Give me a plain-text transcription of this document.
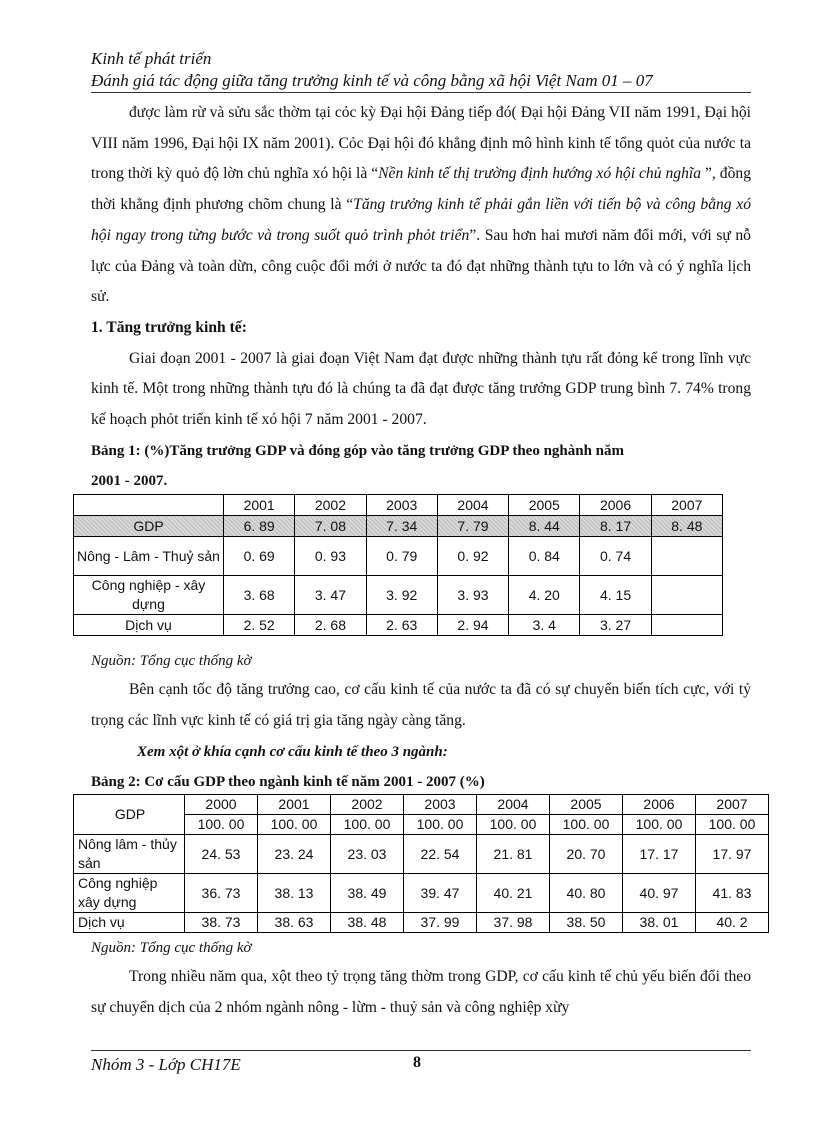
Kinh tế phát triển
Đánh giá tác động giữa tăng trưởng kinh tế và công bằng xã hội Việt Nam 01 – 07

được làm rừ và sửu sắc thờm tại cỏc kỳ Đại hội Đảng tiếp đó( Đại hội Đảng VII năm 1991, Đại hội VIII năm 1996, Đại hội IX năm 2001). Cỏc Đại hội đó khẳng định mô hình kinh tế tổng quỏt của nước ta trong thời kỳ quỏ độ lờn chủ nghĩa xó hội là “Nền kinh tế thị trường định hướng xó hội chủ nghĩa ”, đồng thời khẳng định phương chõm chung là “Tăng trưởng kinh tế phải gắn liền với tiến bộ và công bằng xó hội ngay trong từng bước và trong suốt quỏ trình phỏt triển”. Sau hơn hai mươi năm đổi mới, với sự nỗ lực của Đảng và toàn dừn, công cuộc đổi mới ở nước ta đó đạt những thành tựu to lớn và có ý nghĩa lịch sử.

1. Tăng trưởng kinh tế:

Giai đoạn 2001 - 2007 là giai đoạn Việt Nam đạt được những thành tựu rất đỏng kể trong lĩnh vực kinh tế. Một trong những thành tựu đó là chúng ta đã đạt được tăng trưởng GDP trung bình 7. 74% trong kế hoạch phỏt triển kinh tế xó hội 7 năm 2001 - 2007.

Bảng 1: (%)Tăng trưởng GDP và đóng góp vào tăng trưởng GDP theo nghành năm

2001 - 2007.

Nguồn: Tổng cục thống kờ

Bên cạnh tốc độ tăng trưởng cao, cơ cấu kinh tế của nước ta đã có sự chuyển biến tích cực, với tỷ trọng các lĩnh vực kinh tế có giá trị gia tăng ngày càng tăng.

Xem xột ở khía cạnh cơ cấu kinh tế theo 3 ngành:

Bảng 2: Cơ cấu GDP theo ngành kinh tế năm 2001 - 2007 (%)

Nguồn: Tổng cục thống kờ

Trong nhiều năm qua, xột theo tỷ trọng tăng thờm trong GDP, cơ cấu kinh tế chủ yếu biến đổi theo sự chuyển dịch của 2 nhóm ngành nông - lừm - thuỷ sản và công nghiệp xừy

	2001	2002	2003	2004	2005	2006	2007
GDP	6. 89	7. 08	7. 34	7. 79	8. 44	8. 17	8. 48
Nông - Lâm - Thuỷ sản	0. 69	0. 93	0. 79	0. 92	0. 84	0. 74	
Công nghiệp - xây dựng	3. 68	3. 47	3. 92	3. 93	4. 20	4. 15	
Dịch vụ	2. 52	2. 68	2. 63	2. 94	3. 4	3. 27	
GDP	2000	2001	2002	2003	2004	2005	2006	2007
	100. 00	100. 00	100. 00	100. 00	100. 00	100. 00	100. 00	100. 00
Nông lâm - thủy sản	24. 53	23. 24	23. 03	22. 54	21. 81	20. 70	17. 17	17. 97
Công nghiệp xây dựng	36. 73	38. 13	38. 49	39. 47	40. 21	40. 80	40. 97	41. 83
Dịch vụ	38. 73	38. 63	38. 48	37. 99	37. 98	38. 50	38. 01	40. 2
Nhóm 3 - Lớp CH17E	8
